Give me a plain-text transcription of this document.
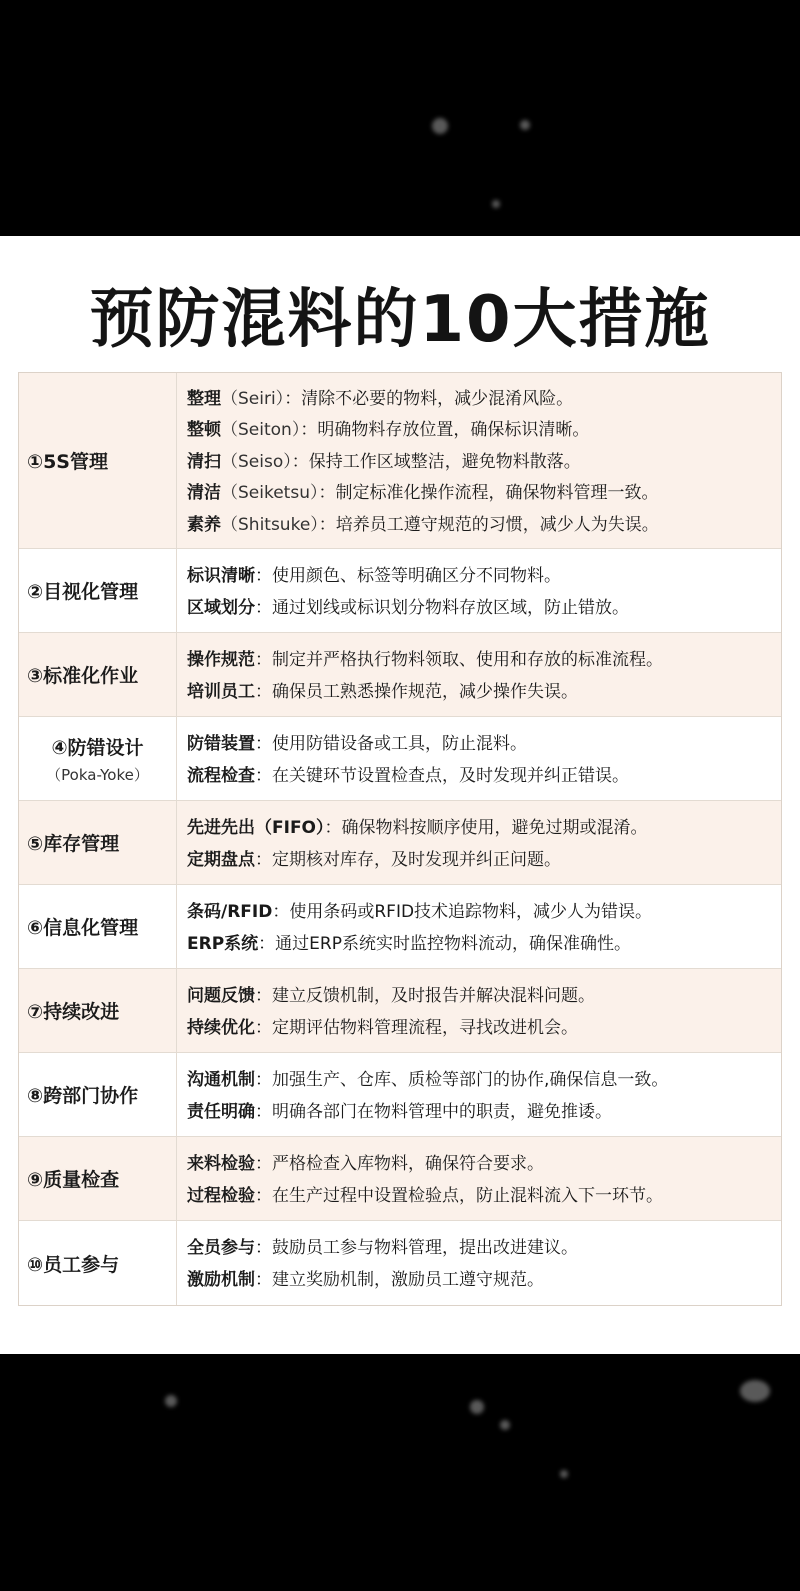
预防混料的10大措施
①5S管理
整理（Seiri）：清除不必要的物料，减少混淆风险。
整顿（Seiton）：明确物料存放位置，确保标识清晰。
清扫（Seiso）：保持工作区域整洁，避免物料散落。
清洁（Seiketsu）：制定标准化操作流程，确保物料管理一致。
素养（Shitsuke）：培养员工遵守规范的习惯，减少人为失误。
②目视化管理
标识清晰：使用颜色、标签等明确区分不同物料。
区域划分：通过划线或标识划分物料存放区域，防止错放。
③标准化作业
操作规范：制定并严格执行物料领取、使用和存放的标准流程。
培训员工：确保员工熟悉操作规范，减少操作失误。
④防错设计
（Poka-Yoke）
防错装置：使用防错设备或工具，防止混料。
流程检查：在关键环节设置检查点，及时发现并纠正错误。
⑤库存管理
先进先出（FIFO）：确保物料按顺序使用，避免过期或混淆。
定期盘点：定期核对库存，及时发现并纠正问题。
⑥信息化管理
条码/RFID：使用条码或RFID技术追踪物料，减少人为错误。
ERP系统：通过ERP系统实时监控物料流动，确保准确性。
⑦持续改进
问题反馈：建立反馈机制，及时报告并解决混料问题。
持续优化：定期评估物料管理流程，寻找改进机会。
⑧跨部门协作
沟通机制：加强生产、仓库、质检等部门的协作,确保信息一致。
责任明确：明确各部门在物料管理中的职责，避免推诿。
⑨质量检查
来料检验：严格检查入库物料，确保符合要求。
过程检验：在生产过程中设置检验点，防止混料流入下一环节。
⑩员工参与
全员参与：鼓励员工参与物料管理，提出改进建议。
激励机制：建立奖励机制，激励员工遵守规范。
